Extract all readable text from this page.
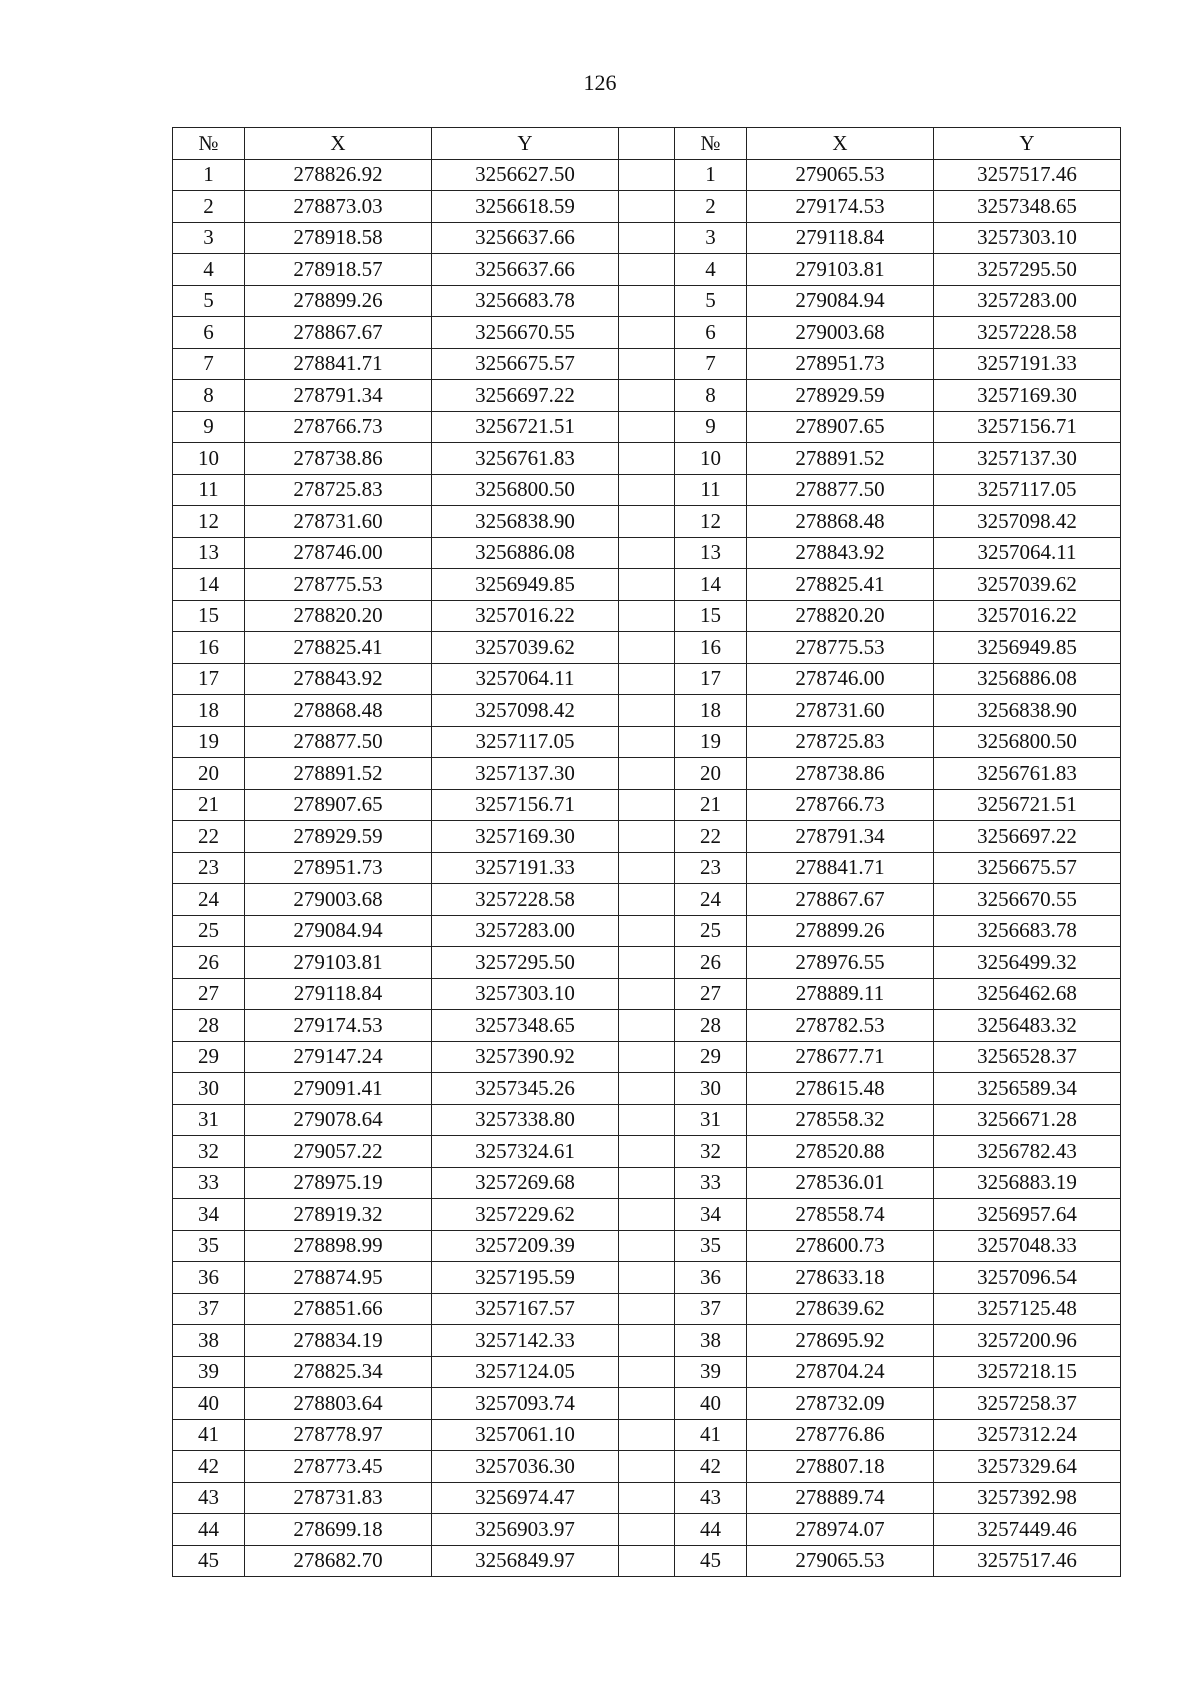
126
№	X	Y		№	X	Y
1	278826.92	3256627.50		1	279065.53	3257517.46
2	278873.03	3256618.59		2	279174.53	3257348.65
3	278918.58	3256637.66		3	279118.84	3257303.10
4	278918.57	3256637.66		4	279103.81	3257295.50
5	278899.26	3256683.78		5	279084.94	3257283.00
6	278867.67	3256670.55		6	279003.68	3257228.58
7	278841.71	3256675.57		7	278951.73	3257191.33
8	278791.34	3256697.22		8	278929.59	3257169.30
9	278766.73	3256721.51		9	278907.65	3257156.71
10	278738.86	3256761.83		10	278891.52	3257137.30
11	278725.83	3256800.50		11	278877.50	3257117.05
12	278731.60	3256838.90		12	278868.48	3257098.42
13	278746.00	3256886.08		13	278843.92	3257064.11
14	278775.53	3256949.85		14	278825.41	3257039.62
15	278820.20	3257016.22		15	278820.20	3257016.22
16	278825.41	3257039.62		16	278775.53	3256949.85
17	278843.92	3257064.11		17	278746.00	3256886.08
18	278868.48	3257098.42		18	278731.60	3256838.90
19	278877.50	3257117.05		19	278725.83	3256800.50
20	278891.52	3257137.30		20	278738.86	3256761.83
21	278907.65	3257156.71		21	278766.73	3256721.51
22	278929.59	3257169.30		22	278791.34	3256697.22
23	278951.73	3257191.33		23	278841.71	3256675.57
24	279003.68	3257228.58		24	278867.67	3256670.55
25	279084.94	3257283.00		25	278899.26	3256683.78
26	279103.81	3257295.50		26	278976.55	3256499.32
27	279118.84	3257303.10		27	278889.11	3256462.68
28	279174.53	3257348.65		28	278782.53	3256483.32
29	279147.24	3257390.92		29	278677.71	3256528.37
30	279091.41	3257345.26		30	278615.48	3256589.34
31	279078.64	3257338.80		31	278558.32	3256671.28
32	279057.22	3257324.61		32	278520.88	3256782.43
33	278975.19	3257269.68		33	278536.01	3256883.19
34	278919.32	3257229.62		34	278558.74	3256957.64
35	278898.99	3257209.39		35	278600.73	3257048.33
36	278874.95	3257195.59		36	278633.18	3257096.54
37	278851.66	3257167.57		37	278639.62	3257125.48
38	278834.19	3257142.33		38	278695.92	3257200.96
39	278825.34	3257124.05		39	278704.24	3257218.15
40	278803.64	3257093.74		40	278732.09	3257258.37
41	278778.97	3257061.10		41	278776.86	3257312.24
42	278773.45	3257036.30		42	278807.18	3257329.64
43	278731.83	3256974.47		43	278889.74	3257392.98
44	278699.18	3256903.97		44	278974.07	3257449.46
45	278682.70	3256849.97		45	279065.53	3257517.46
